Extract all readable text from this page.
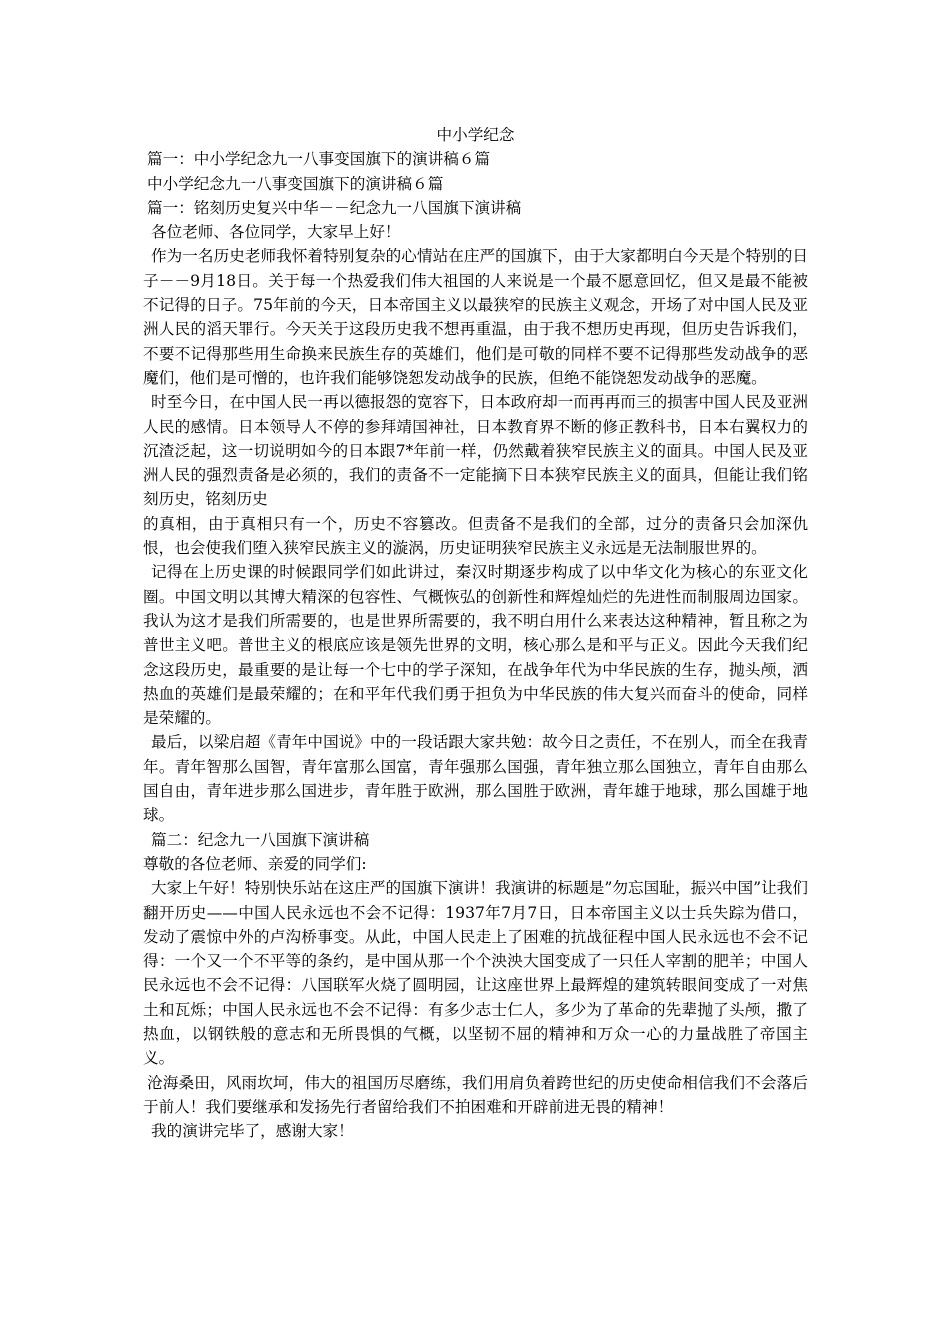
中小学纪念

篇一：中小学纪念九一八事变国旗下的演讲稿６篇

中小学纪念九一八事变国旗下的演讲稿６篇

篇一：铭刻历史复兴中华－－纪念九一八国旗下演讲稿

各位老师、各位同学，大家早上好！

作为一名历史老师我怀着特别复杂的心情站在庄严的国旗下，由于大家都明白今天是个特别的日子－－9月18日。关于每一个热爱我们伟大祖国的人来说是一个最不愿意回忆，但又是最不能被不记得的日子。75年前的今天，日本帝国主义以最狭窄的民族主义观念，开场了对中国人民及亚洲人民的滔天罪行。今天关于这段历史我不想再重温，由于我不想历史再现，但历史告诉我们，不要不记得那些用生命换来民族生存的英雄们，他们是可敬的同样不要不记得那些发动战争的恶魔们，他们是可憎的，也许我们能够饶恕发动战争的民族，但绝不能饶恕发动战争的恶魔。

时至今日，在中国人民一再以德报怨的宽容下，日本政府却一而再再而三的损害中国人民及亚洲人民的感情。日本领导人不停的参拜靖国神社，日本教育界不断的修正教科书，日本右翼权力的沉渣泛起，这一切说明如今的日本跟7*年前一样，仍然戴着狭窄民族主义的面具。中国人民及亚洲人民的强烈责备是必须的，我们的责备不一定能摘下日本狭窄民族主义的面具，但能让我们铭刻历史，铭刻历史

的真相，由于真相只有一个，历史不容篡改。但责备不是我们的全部，过分的责备只会加深仇恨，也会使我们堕入狭窄民族主义的漩涡，历史证明狭窄民族主义永远是无法制服世界的。

记得在上历史课的时候跟同学们如此讲过，秦汉时期逐步构成了以中华文化为核心的东亚文化圈。中国文明以其博大精深的包容性、气概恢弘的创新性和辉煌灿烂的先进性而制服周边国家。我认为这才是我们所需要的，也是世界所需要的，我不明白用什么来表达这种精神，暂且称之为普世主义吧。普世主义的根底应该是领先世界的文明，核心那么是和平与正义。因此今天我们纪念这段历史，最重要的是让每一个七中的学子深知，在战争年代为中华民族的生存，抛头颅，洒热血的英雄们是最荣耀的；在和平年代我们勇于担负为中华民族的伟大复兴而奋斗的使命，同样是荣耀的。

最后，以梁启超《青年中国说》中的一段话跟大家共勉：故今日之责任，不在别人，而全在我青年。青年智那么国智，青年富那么国富，青年强那么国强，青年独立那么国独立，青年自由那么国自由，青年进步那么国进步，青年胜于欧洲，那么国胜于欧洲，青年雄于地球，那么国雄于地球。

篇二：纪念九一八国旗下演讲稿

尊敬的各位老师、亲爱的同学们:

大家上午好！特别快乐站在这庄严的国旗下演讲！我演讲的标题是”勿忘国耻，振兴中国”让我们翻开历史——中国人民永远也不会不记得：1937年7月7日，日本帝国主义以士兵失踪为借口，发动了震惊中外的卢沟桥事变。从此，中国人民走上了困难的抗战征程中国人民永远也不会不记得：一个又一个不平等的条约，是中国从那一个个泱泱大国变成了一只任人宰割的肥羊；中国人民永远也不会不记得：八国联军火烧了圆明园，让这座世界上最辉煌的建筑转眼间变成了一对焦土和瓦烁；中国人民永远也不会不记得：有多少志士仁人，多少为了革命的先辈抛了头颅，撒了热血，以钢铁般的意志和无所畏惧的气概，以坚韧不屈的精神和万众一心的力量战胜了帝国主义。

沧海桑田，风雨坎坷，伟大的祖国历尽磨练，我们用肩负着跨世纪的历史使命相信我们不会落后于前人！我们要继承和发扬先行者留给我们不拍困难和开辟前进无畏的精神！

我的演讲完毕了，感谢大家！
